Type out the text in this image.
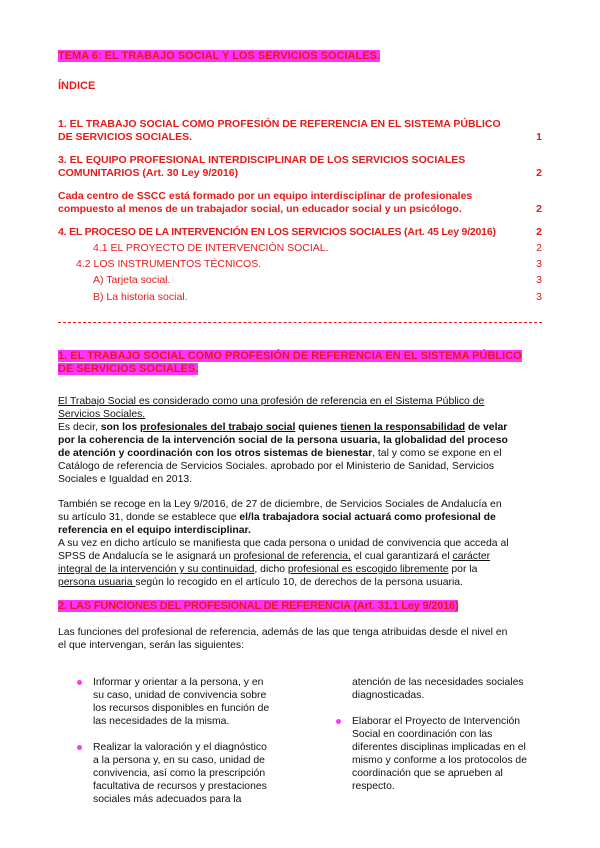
TEMA 6: EL TRABAJO SOCIAL Y LOS SERVICIOS SOCIALES.
ÍNDICE
1. EL TRABAJO SOCIAL COMO PROFESIÓN DE REFERENCIA EN EL SISTEMA PÚBLICO
DE SERVICIOS SOCIALES.	1
3. EL EQUIPO PROFESIONAL INTERDISCIPLINAR DE LOS SERVICIOS SOCIALES
COMUNITARIOS (Art. 30 Ley 9/2016)	2
Cada centro de SSCC está formado por un equipo interdisciplinar de profesionales
compuesto al menos de un trabajador social, un educador social y un psicólogo.	2
4. EL PROCESO DE LA INTERVENCIÓN EN LOS SERVICIOS SOCIALES (Art. 45 Ley 9/2016)	2
4.1 EL PROYECTO DE INTERVENCIÓN SOCIAL.	2
4.2 LOS INSTRUMENTOS TÉCNICOS.	3
A) Tarjeta social.	3
B) La historia social.	3
1. EL TRABAJO SOCIAL COMO PROFESIÓN DE REFERENCIA EN EL SISTEMA PÚBLICO
DE SERVICIOS SOCIALES.
El Trabajo Social es considerado como una profesión de referencia en el Sistema Público de
Servicios Sociales.
Es decir, son los profesionales del trabajo social quienes tienen la responsabilidad de velar
por la coherencia de la intervención social de la persona usuaria, la globalidad del proceso
de atención y coordinación con los otros sistemas de bienestar, tal y como se expone en el
Catálogo de referencia de Servicios Sociales. aprobado por el Ministerio de Sanidad, Servicios
Sociales e Igualdad en 2013.
También se recoge en la Ley 9/2016, de 27 de diciembre, de Servicios Sociales de Andalucía en
su artículo 31, donde se establece que el/la trabajadora social actuará como profesional de
referencia en el equipo interdisciplinar.
A su vez en dicho artículo se manifiesta que cada persona o unidad de convivencia que acceda al
SPSS de Andalucía se le asignará un profesional de referencia, el cual garantizará el carácter
integral de la intervención y su continuidad, dicho profesional es escogido libremente por la
persona usuaria según lo recogido en el artículo 10, de derechos de la persona usuaria.
2. LAS FUNCIONES DEL PROFESIONAL DE REFERENCIA (Art. 31.1 Ley 9/2016)
Las funciones del profesional de referencia, además de las que tenga atribuidas desde el nivel en
el que intervengan, serán las siguientes:
Informar y orientar a la persona, y en
su caso, unidad de convivencia sobre
los recursos disponibles en función de
las necesidades de la misma.
Realizar la valoración y el diagnóstico
a la persona y, en su caso, unidad de
convivencia, así como la prescripción
facultativa de recursos y prestaciones
sociales más adecuados para la
atención de las necesidades sociales
diagnosticadas.
Elaborar el Proyecto de Intervención
Social en coordinación con las
diferentes disciplinas implicadas en el
mismo y conforme a los protocolos de
coordinación que se aprueben al
respecto.
